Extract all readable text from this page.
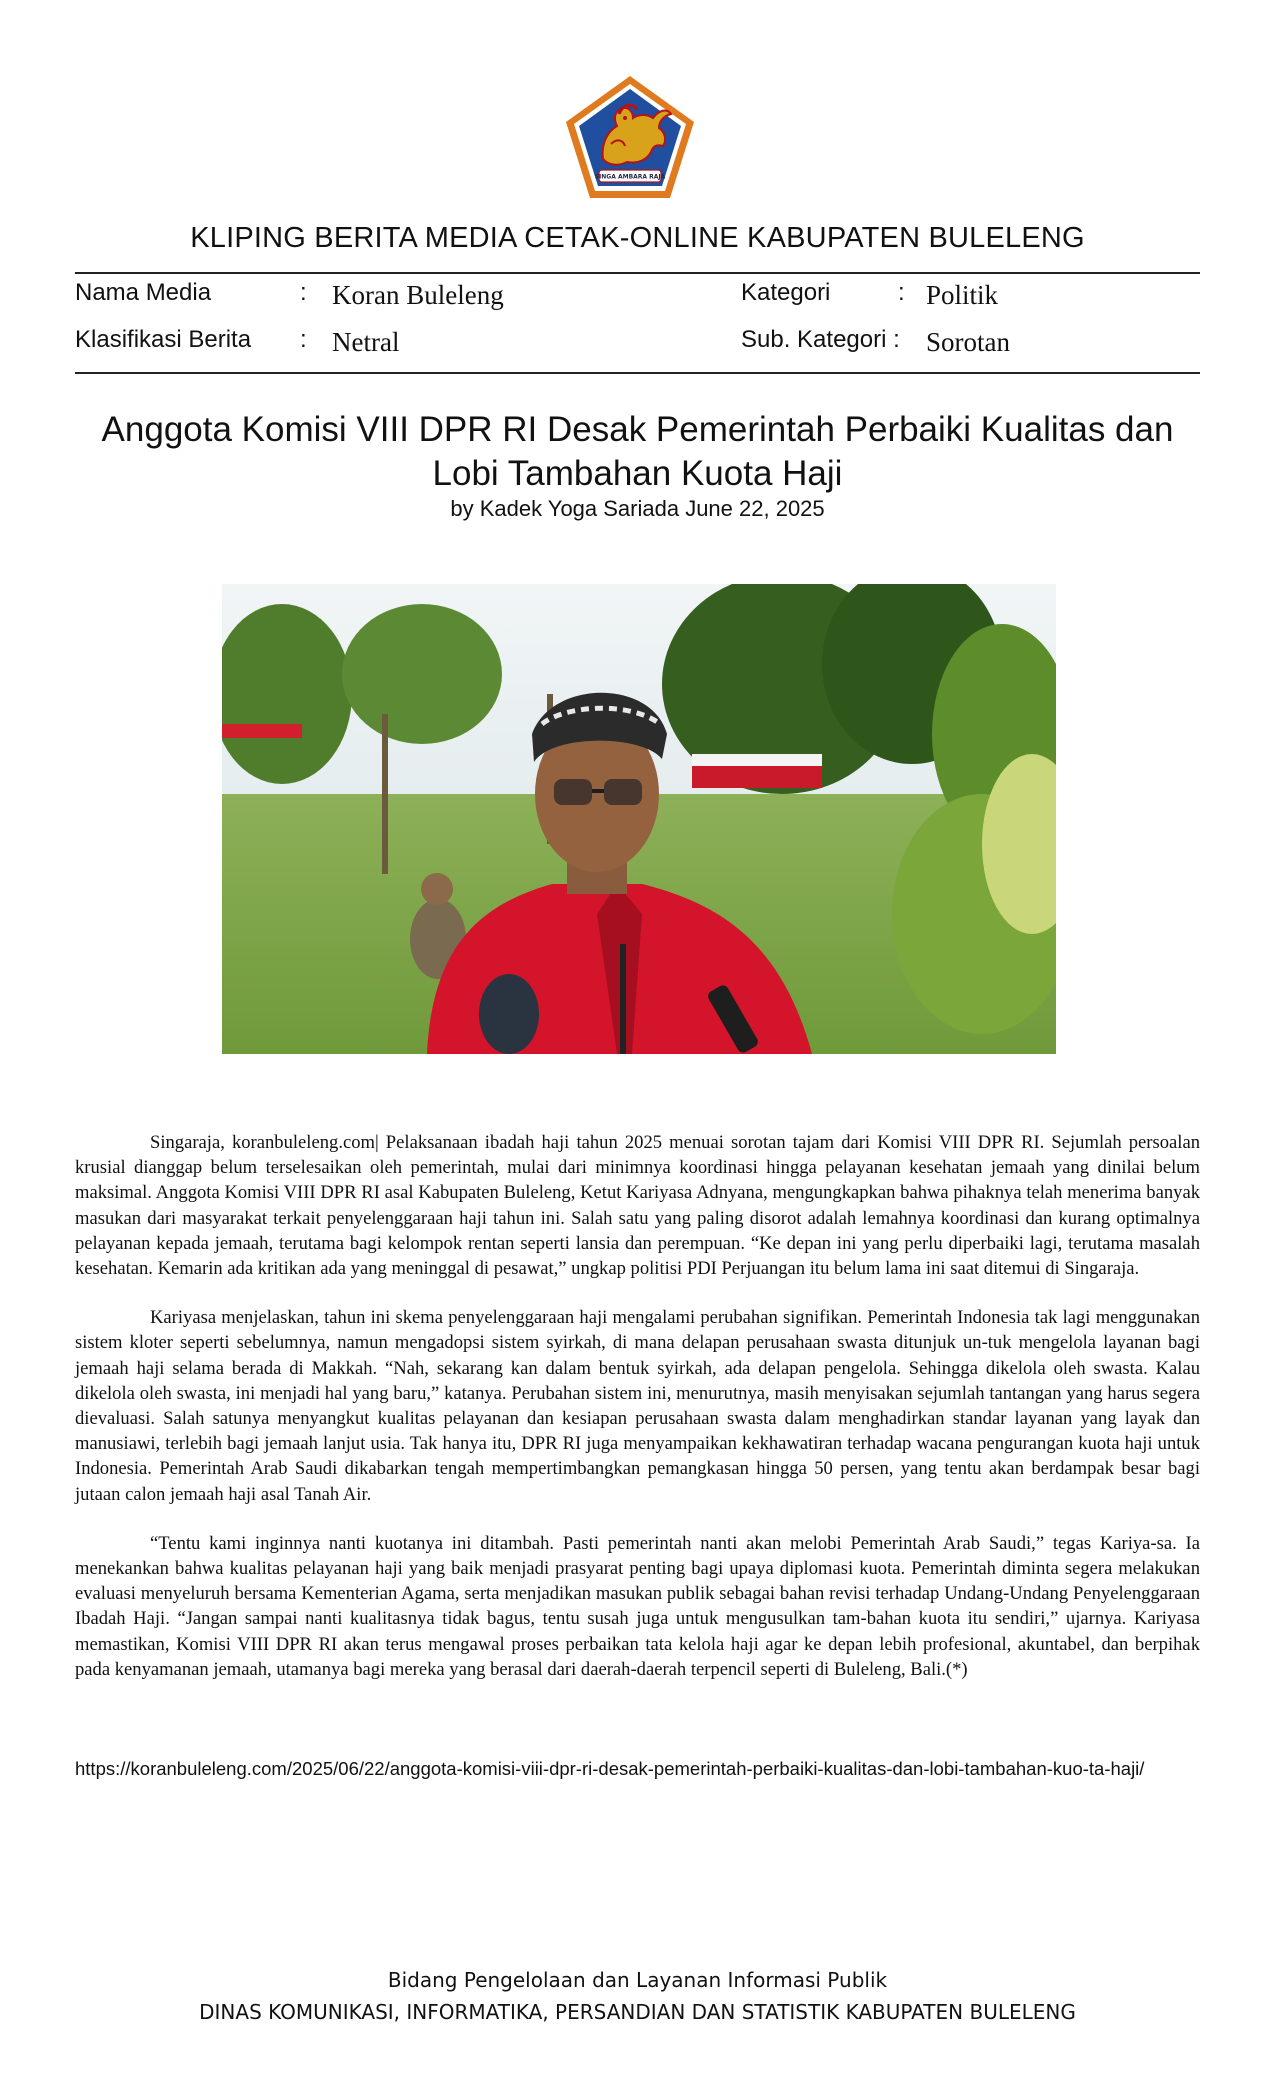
SINGA AMBARA RAJA
KLIPING BERITA MEDIA CETAK-ONLINE KABUPATEN BULELENG
Nama Media	: Koran Buleleng	Kategori	: Politik
Klasifikasi Berita : Netral	Sub. Kategori : Sorotan
Anggota Komisi VIII DPR RI Desak Pemerintah Perbaiki Kualitas dan Lobi Tambahan Kuota Haji
by Kadek Yoga Sariada June 22, 2025

Singaraja, koranbuleleng.com| Pelaksanaan ibadah haji tahun 2025 menuai sorotan tajam dari Komisi VIII DPR RI. Sejumlah persoalan krusial dianggap belum terselesaikan oleh pemerintah, mulai dari minimnya koordinasi hingga pelayanan kesehatan jemaah yang dinilai belum maksimal. Anggota Komisi VIII DPR RI asal Kabupaten Buleleng, Ketut Kariyasa Adnyana, mengungkapkan bahwa pihaknya telah menerima banyak masukan dari masyarakat terkait penyelenggaraan haji tahun ini. Salah satu yang paling disorot adalah lemahnya koordinasi dan kurang optimalnya pelayanan kepada jemaah, terutama bagi kelompok rentan seperti lansia dan perempuan. “Ke depan ini yang perlu diperbaiki lagi, terutama masalah kesehatan. Kemarin ada kritikan ada yang meninggal di pesawat,” ungkap politisi PDI Perjuangan itu belum lama ini saat ditemui di Singaraja.

Kariyasa menjelaskan, tahun ini skema penyelenggaraan haji mengalami perubahan signifikan. Pemerintah Indonesia tak lagi menggunakan sistem kloter seperti sebelumnya, namun mengadopsi sistem syirkah, di mana delapan perusahaan swasta ditunjuk un-tuk mengelola layanan bagi jemaah haji selama berada di Makkah. “Nah, sekarang kan dalam bentuk syirkah, ada delapan pengelola. Sehingga dikelola oleh swasta. Kalau dikelola oleh swasta, ini menjadi hal yang baru,” katanya. Perubahan sistem ini, menurutnya, masih menyisakan sejumlah tantangan yang harus segera dievaluasi. Salah satunya menyangkut kualitas pelayanan dan kesiapan perusahaan swasta dalam menghadirkan standar layanan yang layak dan manusiawi, terlebih bagi jemaah lanjut usia. Tak hanya itu, DPR RI juga menyampaikan kekhawatiran terhadap wacana pengurangan kuota haji untuk Indonesia. Pemerintah Arab Saudi dikabarkan tengah mempertimbangkan pemangkasan hingga 50 persen, yang tentu akan berdampak besar bagi jutaan calon jemaah haji asal Tanah Air.

“Tentu kami inginnya nanti kuotanya ini ditambah. Pasti pemerintah nanti akan melobi Pemerintah Arab Saudi,” tegas Kariya-sa. Ia menekankan bahwa kualitas pelayanan haji yang baik menjadi prasyarat penting bagi upaya diplomasi kuota. Pemerintah diminta segera melakukan evaluasi menyeluruh bersama Kementerian Agama, serta menjadikan masukan publik sebagai bahan revisi terhadap Undang-Undang Penyelenggaraan Ibadah Haji. “Jangan sampai nanti kualitasnya tidak bagus, tentu susah juga untuk mengusulkan tam-bahan kuota itu sendiri,” ujarnya. Kariyasa memastikan, Komisi VIII DPR RI akan terus mengawal proses perbaikan tata kelola haji agar ke depan lebih profesional, akuntabel, dan berpihak pada kenyamanan jemaah, utamanya bagi mereka yang berasal dari daerah-daerah terpencil seperti di Buleleng, Bali.(*)

https://koranbuleleng.com/2025/06/22/anggota-komisi-viii-dpr-ri-desak-pemerintah-perbaiki-kualitas-dan-lobi-tambahan-kuo-ta-haji/
Bidang Pengelolaan dan Layanan Informasi Publik
DINAS KOMUNIKASI, INFORMATIKA, PERSANDIAN DAN STATISTIK KABUPATEN BULELENG
